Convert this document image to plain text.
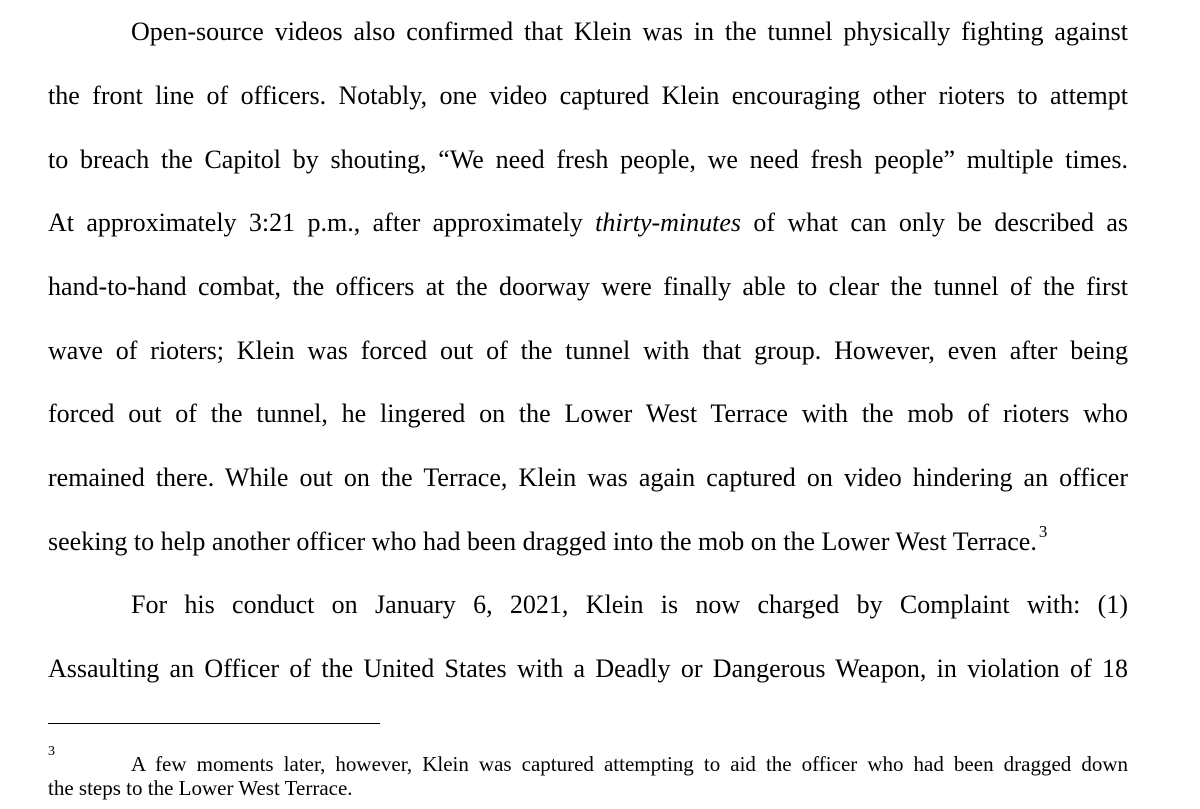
Open-source videos also confirmed that Klein was in the tunnel physically fighting against
the front line of officers. Notably, one video captured Klein encouraging other rioters to attempt
to breach the Capitol by shouting, “We need fresh people, we need fresh people” multiple times.
At approximately 3:21 p.m., after approximately thirty-minutes of what can only be described as
hand-to-hand combat, the officers at the doorway were finally able to clear the tunnel of the first
wave of rioters; Klein was forced out of the tunnel with that group. However, even after being
forced out of the tunnel, he lingered on the Lower West Terrace with the mob of rioters who
remained there. While out on the Terrace, Klein was again captured on video hindering an officer
seeking to help another officer who had been dragged into the mob on the Lower West Terrace. $^3$
For his conduct on January 6, 2021, Klein is now charged by Complaint with: (1)
Assaulting an Officer of the United States with a Deadly or Dangerous Weapon, in violation of 18
3
A few moments later, however, Klein was captured attempting to aid the officer who had been dragged down
the steps to the Lower West Terrace.
